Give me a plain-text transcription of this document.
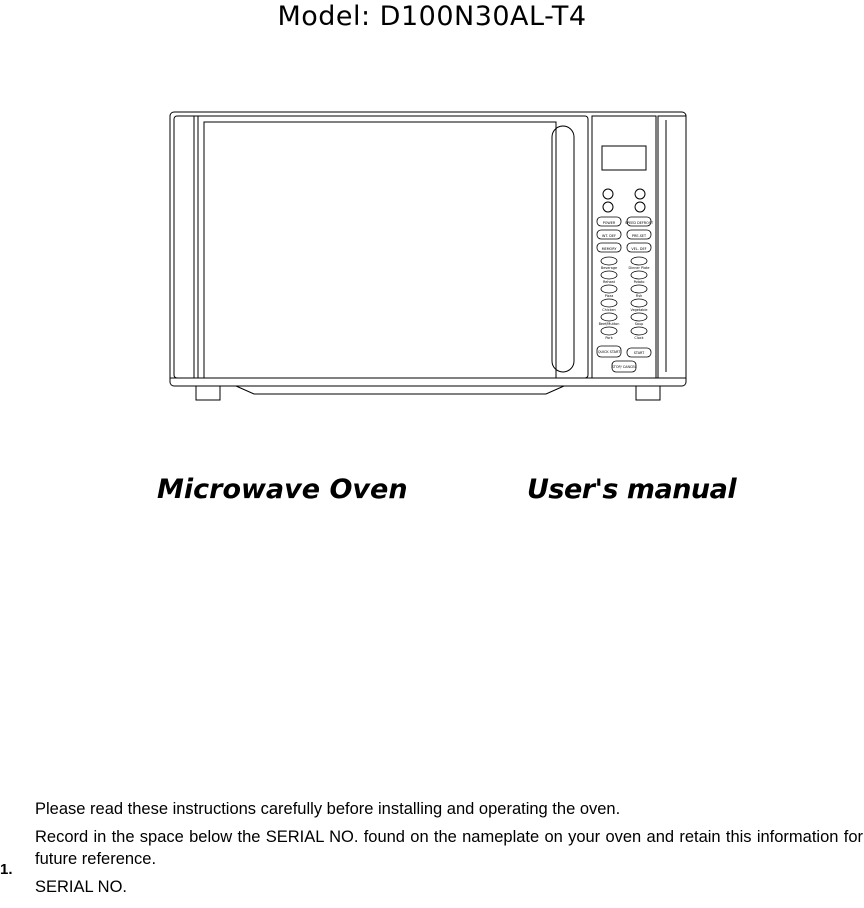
Model: D100N30AL-T4
POWER	SPEED DEFROST
WT. DEF	PRE-SET
MEMORY	VEL. DEF
Beverage	Dinner Plate
Reheat	Potato
Pizza	Fish
Chicken	Vegetable
Beef/Mutton	Soup
Pork	Clock
QUICK START	START
STOP/ CANCEL
Microwave Oven	User's manual
1.

Please read these instructions carefully before installing and operating the oven.

Record in the space below the SERIAL NO. found on the nameplate on your oven and retain this information for future reference.

SERIAL NO.
